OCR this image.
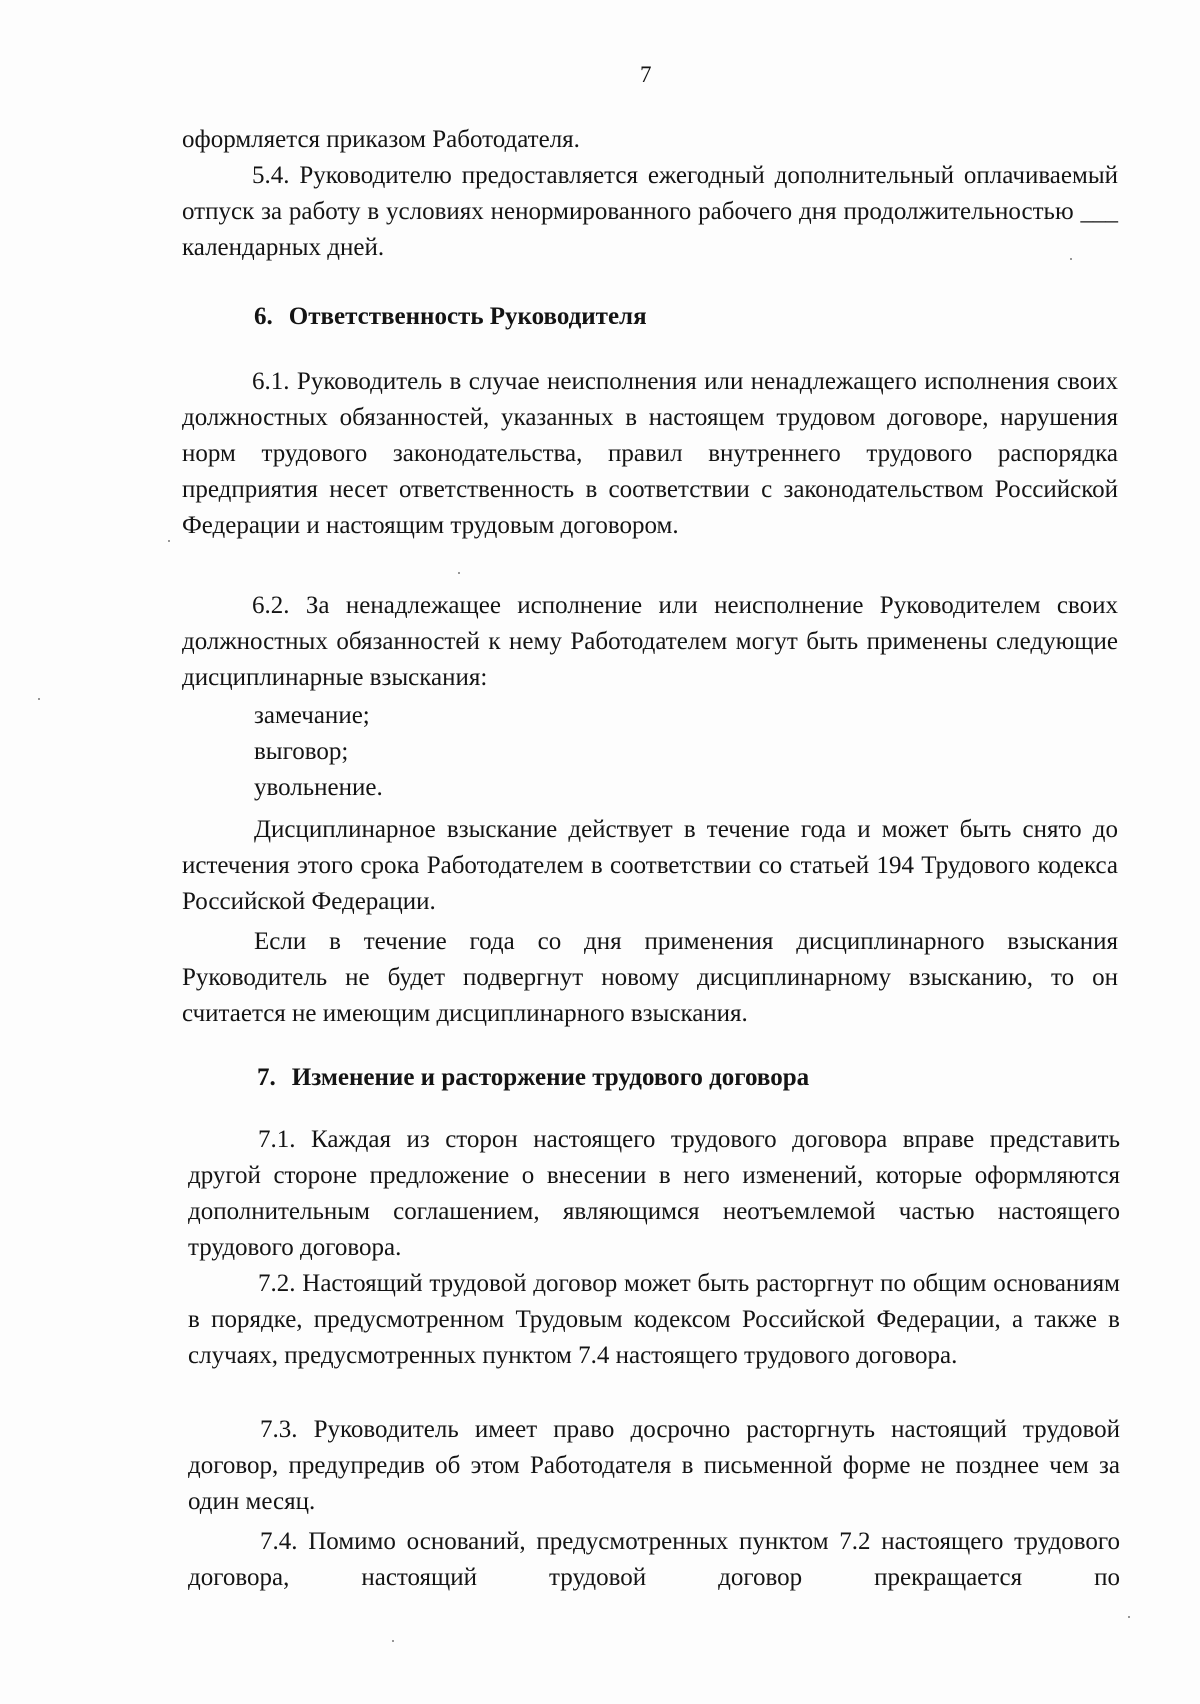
7

оформляется приказом Работодателя.

5.4. Руководителю предоставляется ежегодный дополнительный оплачиваемый отпуск за работу в условиях ненормированного рабочего дня продолжительностью ___ календарных дней.

6. Ответственность Руководителя

6.1. Руководитель в случае неисполнения или ненадлежащего исполнения своих должностных обязанностей, указанных в настоящем трудовом договоре, нарушения норм трудового законодательства, правил внутреннего трудового распорядка предприятия несет ответственность в соответствии с законодательством Российской Федерации и настоящим трудовым договором.

6.2. За ненадлежащее исполнение или неисполнение Руководителем своих должностных обязанностей к нему Работодателем могут быть применены следующие дисциплинарные взыскания:

замечание;

выговор;

увольнение.

Дисциплинарное взыскание действует в течение года и может быть снято до истечения этого срока Работодателем в соответствии со статьей 194 Трудового кодекса Российской Федерации.

Если в течение года со дня применения дисциплинарного взыскания Руководитель не будет подвергнут новому дисциплинарному взысканию, то он считается не имеющим дисциплинарного взыскания.

7. Изменение и расторжение трудового договора

7.1. Каждая из сторон настоящего трудового договора вправе представить другой стороне предложение о внесении в него изменений, которые оформляются дополнительным соглашением, являющимся неотъемлемой частью настоящего трудового договора.

7.2. Настоящий трудовой договор может быть расторгнут по общим основаниям в порядке, предусмотренном Трудовым кодексом Российской Федерации, а также в случаях, предусмотренных пунктом 7.4 настоящего трудового договора.

7.3. Руководитель имеет право досрочно расторгнуть настоящий трудовой договор, предупредив об этом Работодателя в письменной форме не позднее чем за один месяц.

7.4. Помимо оснований, предусмотренных пунктом 7.2 настоящего трудового договора, настоящий трудовой договор прекращается по
